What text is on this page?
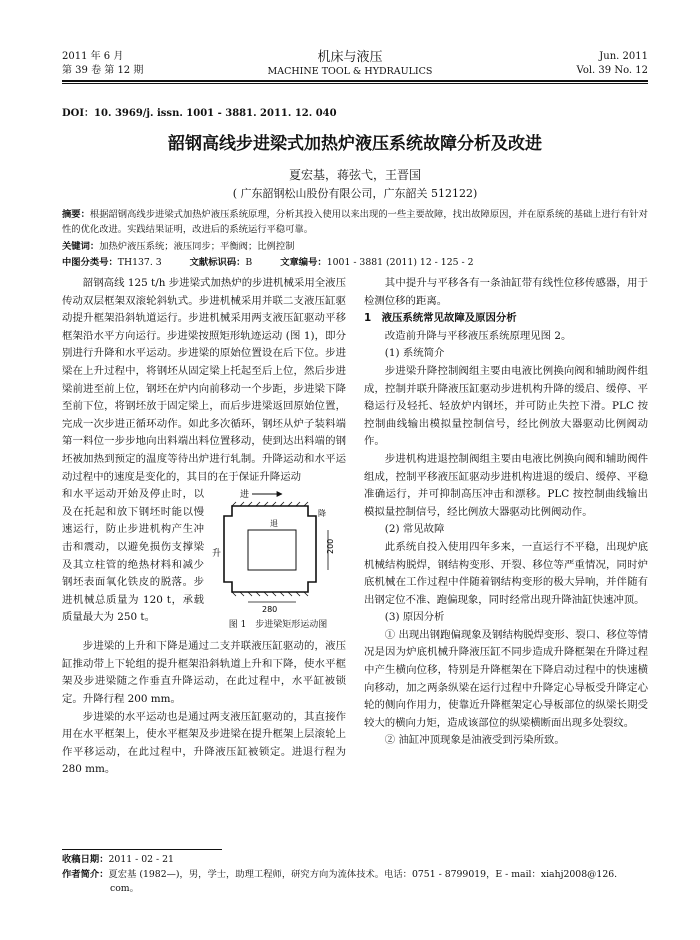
2011 年 6 月
第 39 卷 第 12 期
机床与液压
MACHINE TOOL & HYDRAULICS
Jun. 2011
Vol. 39 No. 12
DOI：10. 3969/j. issn. 1001 - 3881. 2011. 12. 040
韶钢高线步进梁式加热炉液压系统故障分析及改进
夏宏基，蒋弦弋，王晋国
( 广东韶钢松山股份有限公司，广东韶关 512122)
摘要：根据韶钢高线步进梁式加热炉液压系统原理，分析其投入使用以来出现的一些主要故障，找出故障原因，并在原系统的基础上进行有针对性的优化改进。实践结果证明，改进后的系统运行平稳可靠。
关键词：加热炉液压系统；液压同步；平衡阀；比例控制
中图分类号：TH137. 3	文献标识码：B	文章编号：1001 - 3881 (2011) 12 - 125 - 2

韶钢高线 125 t/h 步进梁式加热炉的步进机械采用全液压传动双层框架双滚轮斜轨式。步进机械采用并联二支液压缸驱动提升框架沿斜轨道运行。步进机械采用两支液压缸驱动平移框架沿水平方向运行。步进梁按照矩形轨迹运动 (图 1)，即分别进行升降和水平运动。步进梁的原始位置设在后下位。步进梁在上升过程中，将钢坯从固定梁上托起至后上位，然后步进梁前进至前上位，钢坯在炉内向前移动一个步距，步进梁下降至前下位，将钢坯放于固定梁上，而后步进梁返回原始位置，完成一次步进正循环动作。如此多次循环，钢坯从炉子装料端第一料位一步步地向出料端出料位置移动，使到达出料端的钢坯被加热到预定的温度等待出炉进行轧制。升降运动和水平运动过程中的速度是变化的，其目的在于保证升降运动

和水平运动开始及停止时，以及在托起和放下钢坯时能以慢速运行，防止步进机构产生冲击和震动，以避免损伤支撑梁及其立柱管的绝热材料和减少钢坯表面氧化铁皮的脱落。步进机械总质量为 120 t，承载质量最大为 250 t。

进
200
280
升
降
退
图 1　步进梁矩形运动图

步进梁的上升和下降是通过二支并联液压缸驱动的，液压缸推动带上下轮组的提升框架沿斜轨道上升和下降，使水平框架及步进梁随之作垂直升降运动，在此过程中，水平缸被锁定。升降行程 200 mm。

步进梁的水平运动也是通过两支液压缸驱动的，其直接作用在水平框架上，使水平框架及步进梁在提升框架上层滚轮上作平移运动，在此过程中，升降液压缸被锁定。进退行程为 280 mm。

其中提升与平移各有一条油缸带有线性位移传感器，用于检测位移的距离。

1　液压系统常见故障及原因分析

改造前升降与平移液压系统原理见图 2。

(1) 系统简介

步进梁升降控制阀组主要由电液比例换向阀和辅助阀件组成，控制并联升降液压缸驱动步进机构升降的缓启、缓停、平稳运行及轻托、轻放炉内钢坯，并可防止失控下滑。PLC 按控制曲线输出模拟量控制信号，经比例放大器驱动比例阀动作。

步进机构进退控制阀组主要由电液比例换向阀和辅助阀件组成，控制平移液压缸驱动步进机构进退的缓启、缓停、平稳准确运行，并可抑制高压冲击和漂移。PLC 按控制曲线输出模拟量控制信号，经比例放大器驱动比例阀动作。

(2) 常见故障

此系统自投入使用四年多来，一直运行不平稳，出现炉底机械结构脱焊，钢结构变形、开裂、移位等严重情况，同时炉底机械在工作过程中伴随着钢结构变形的极大异响，并伴随有出钢定位不准、跑偏现象，同时经常出现升降油缸快速冲顶。

(3) 原因分析

① 出现出钢跑偏现象及钢结构脱焊变形、裂口、移位等情况是因为炉底机械升降液压缸不同步造成升降框架在升降过程中产生横向位移，特别是升降框架在下降启动过程中的快速横向移动，加之两条纵梁在运行过程中升降定心导板受升降定心轮的侧向作用力，使靠近升降框架定心导板部位的纵梁长期受较大的横向力矩，造成该部位的纵梁横断面出现多处裂纹。

② 油缸冲顶现象是油液受到污染所致。

收稿日期：2011 - 02 - 21
作者简介：夏宏基 (1982—)，男，学士，助理工程师，研究方向为流体技术。电话：0751 - 8799019，E - mail：xiahj2008@126. com。
